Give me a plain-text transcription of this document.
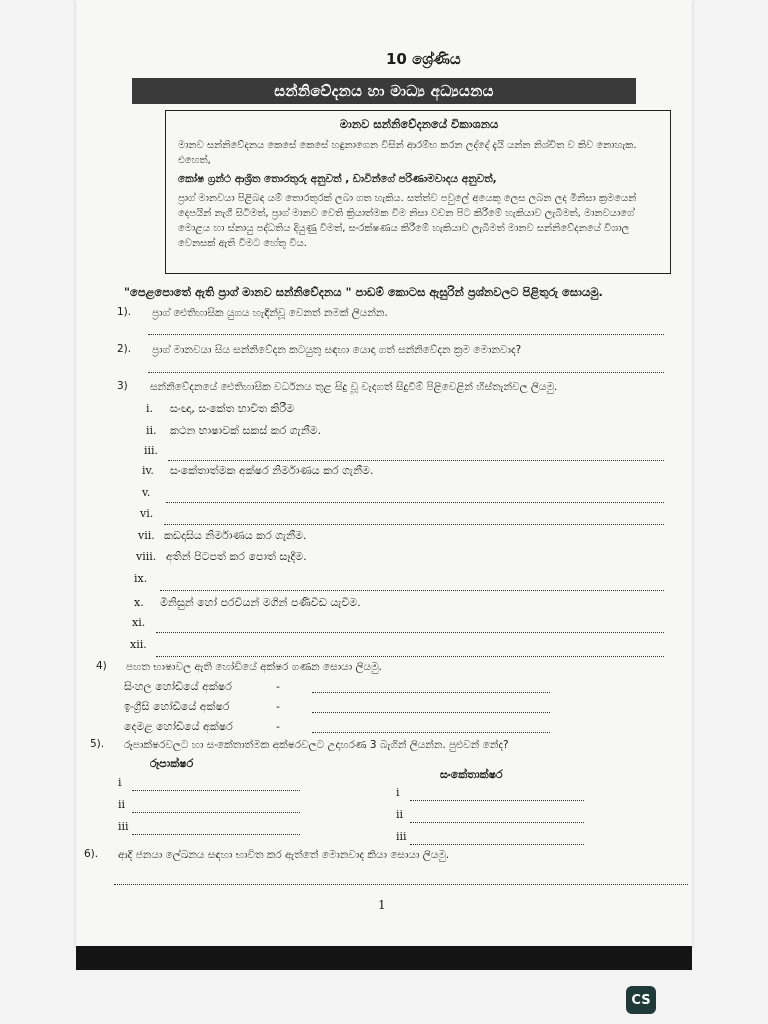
10 ශ්‍රේණිය
සන්නිවේදනය හා මාධ්‍ය අධ්‍යයනය
මානව සන්නිවේදනයේ විකාශනය

මානව සන්නිවේදනය කෙසේ කෙසේ හඳුනාගෙන විසින් ආරම්භ කරන ලද්දේ දැයි යන්න නිශ්චිත ව කිව නොහැක. එහෙත්,

කෝෂ ග්‍රන්ථ ආශ්‍රිත තොරතුරු අනුවත් , ඩාවින්ගේ පරිණාමවාදය අනුවත්,

ප්‍රාග් මානවයා පිළිබඳ යම් තොරතුරක් ලබා ගත හැකිය. සත්ත්ව පවුලේ අයෙකු ලෙස ලබන ලද මිනිසා ක්‍රමයෙන් දෙපයින් නැගී සිටිමත්, ප්‍රාග් මානව වෙති ක්‍රියාත්මක වීම නිසා වචන පිට කිරීමේ හැකියාව ලැබීමත්, මානවයාගේ මොළය හා ස්නායු පද්ධතිය දියුණු වීමත්, සංරක්ෂණය කිරීමේ හැකියාව ලැබීමත් මානව සන්නිවේදනයේ විශාල වෙනසක් ඇති වීමට හේතු විය.

"පෙළපොතේ ඇති ප්‍රාග් මානව සන්නිවේදනය " පාඩම් කොටස ඇසුරින් ප්‍රශ්නවලට පිළිතුරු සොයමු.
1). ප්‍රාග් ඓතිහාසික යුගය හැඳින්වූ වෙනත් නමක් ලියන්න.
2). ප්‍රාග් මානවයා සිය සන්නිවේදන කටයුතු සඳහා යොදා ගත් සන්නිවේදන ක්‍රම මොනවාද?
3) සන්නිවේදනයේ ඓතිහාසික වර්ධනය තුළ සිදු වූ වැදගත් සිදුවීම් පිළිවෙළින් හිස්තැන්වල ලියමු.
i. සංඥා, සංකේත භාවිත කිරීම
ii. කථන භාෂාවක් සකස් කර ගැනීම.
iii.
iv. සංකේතාත්මක අක්ෂර නිර්මාණය කර ගැනීම.
v.
vi.
vii. කඩදාසිය නිර්මාණය කර ගැනීම.
viii. අතින් පිටපත් කර පොත් සෑදීම.
ix.
x. මිනිසුන් හෝ පරවියන් මගින් පණිවිඩ යැවීම.
xi.
xii.
4) පහත භාෂාවල ඇති හෝඩියේ අක්ෂර ගණන සොයා ලියමු.
සිංහල හෝඩියේ අක්ෂර	-
ඉංග්‍රීසි හෝඩියේ අක්ෂර	-
දෙමළ හෝඩියේ අක්ෂර	-
5). රූපාක්ෂරවලට හා සංකේතාත්මක අක්ෂරවලට උදාහරණ 3 බැගින් ලියන්න. පුළුවන් නේද?
රූපාක්ෂර
සංකේතාක්ෂර
i
ii
iii
i
ii
iii
6). ආදි ජනයා ලේඛනය සඳහා භාවිත කර ඇත්තේ මොනවාද කියා සොයා ලියමු.
1
CS
